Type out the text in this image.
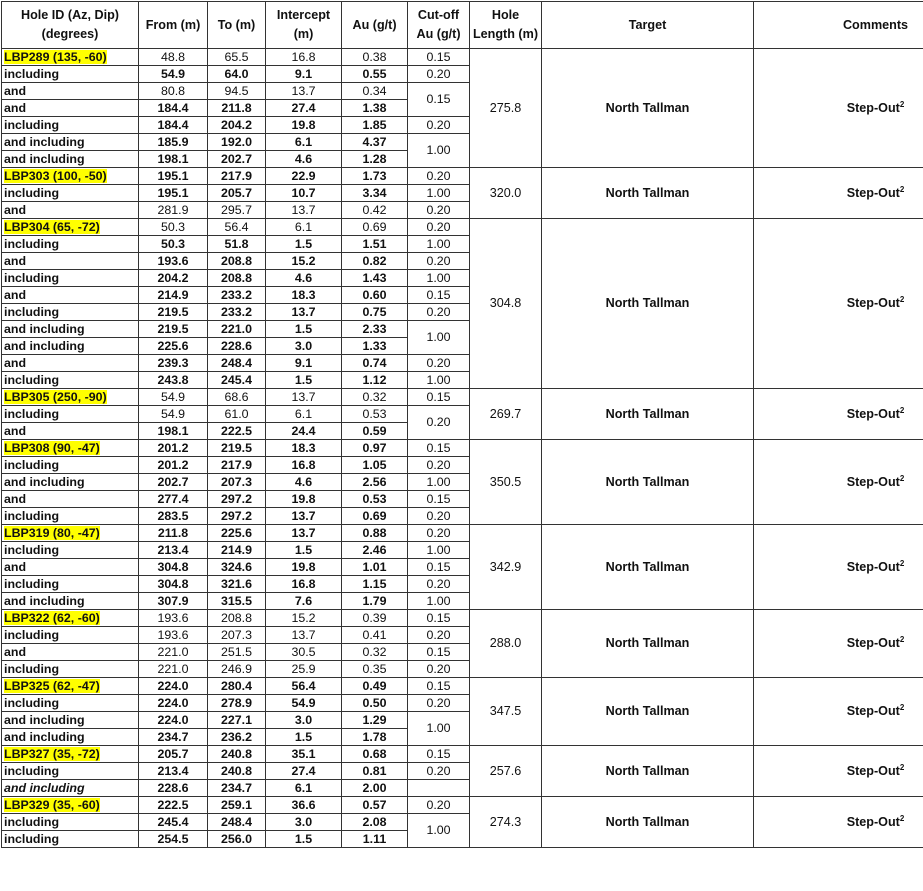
Hole ID (Az, Dip) (degrees)	From (m)	To (m)	Intercept (m)	Au (g/t)	Cut-off Au (g/t)	Hole Length (m)	Target	Comments
LBP289 (135, -60)	48.8	65.5	16.8	0.38	0.15	275.8	North Tallman	Step-Out$^2$
including	54.9	64.0	9.1	0.55	0.20			
and	80.8	94.5	13.7	0.34	0.15			
and	184.4	211.8	27.4	1.38				
including	184.4	204.2	19.8	1.85	0.20			
and including	185.9	192.0	6.1	4.37	1.00			
and including	198.1	202.7	4.6	1.28				
LBP303 (100, -50)	195.1	217.9	22.9	1.73	0.20	320.0	North Tallman	Step-Out$^2$
including	195.1	205.7	10.7	3.34	1.00			
and	281.9	295.7	13.7	0.42	0.20			
LBP304 (65, -72)	50.3	56.4	6.1	0.69	0.20	304.8	North Tallman	Step-Out$^2$
including	50.3	51.8	1.5	1.51	1.00			
and	193.6	208.8	15.2	0.82	0.20			
including	204.2	208.8	4.6	1.43	1.00			
and	214.9	233.2	18.3	0.60	0.15			
including	219.5	233.2	13.7	0.75	0.20			
and including	219.5	221.0	1.5	2.33	1.00			
and including	225.6	228.6	3.0	1.33				
and	239.3	248.4	9.1	0.74	0.20			
including	243.8	245.4	1.5	1.12	1.00			
LBP305 (250, -90)	54.9	68.6	13.7	0.32	0.15	269.7	North Tallman	Step-Out$^2$
including	54.9	61.0	6.1	0.53	0.20			
and	198.1	222.5	24.4	0.59				
LBP308 (90, -47)	201.2	219.5	18.3	0.97	0.15	350.5	North Tallman	Step-Out$^2$
including	201.2	217.9	16.8	1.05	0.20			
and including	202.7	207.3	4.6	2.56	1.00			
and	277.4	297.2	19.8	0.53	0.15			
including	283.5	297.2	13.7	0.69	0.20			
LBP319 (80, -47)	211.8	225.6	13.7	0.88	0.20	342.9	North Tallman	Step-Out$^2$
including	213.4	214.9	1.5	2.46	1.00			
and	304.8	324.6	19.8	1.01	0.15			
including	304.8	321.6	16.8	1.15	0.20			
and including	307.9	315.5	7.6	1.79	1.00			
LBP322 (62, -60)	193.6	208.8	15.2	0.39	0.15	288.0	North Tallman	Step-Out$^2$
including	193.6	207.3	13.7	0.41	0.20			
and	221.0	251.5	30.5	0.32	0.15			
including	221.0	246.9	25.9	0.35	0.20			
LBP325 (62, -47)	224.0	280.4	56.4	0.49	0.15	347.5	North Tallman	Step-Out$^2$
including	224.0	278.9	54.9	0.50	0.20			
and including	224.0	227.1	3.0	1.29	1.00			
and including	234.7	236.2	1.5	1.78				
LBP327 (35, -72)	205.7	240.8	35.1	0.68	0.15	257.6	North Tallman	Step-Out$^2$
including	213.4	240.8	27.4	0.81	0.20			
and including	228.6	234.7	6.1	2.00				
LBP329 (35, -60)	222.5	259.1	36.6	0.57	0.20	274.3	North Tallman	Step-Out$^2$
including	245.4	248.4	3.0	2.08	1.00			
including	254.5	256.0	1.5	1.11				
